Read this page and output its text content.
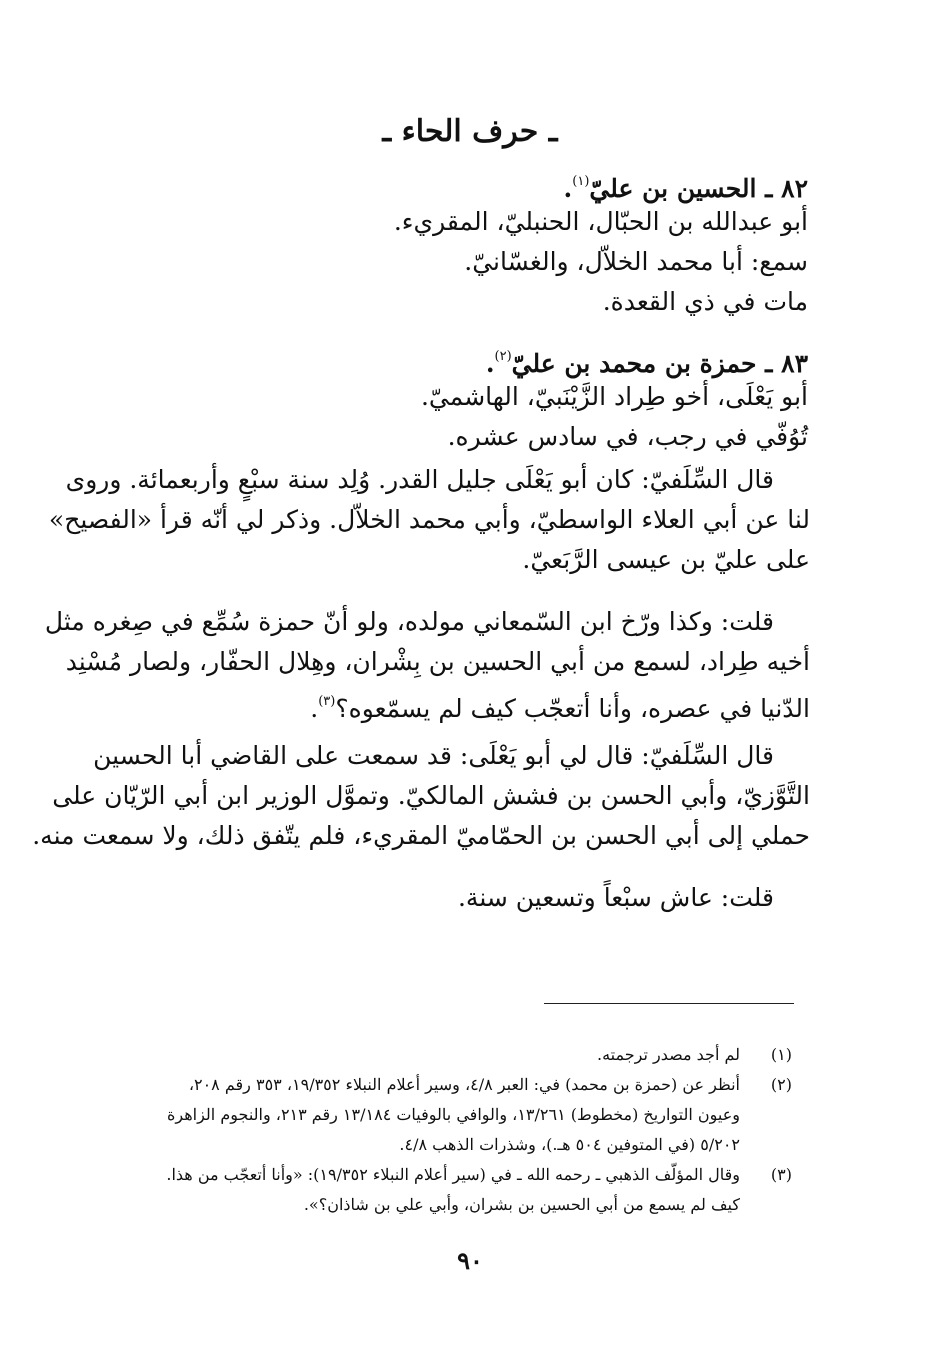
ـ حرف الحاء ـ
٨٢ ـ الحسين بن عليّ$^{(١)}$.
أبو عبدالله بن الحبّال، الحنبليّ، المقريء.
سمع: أبا محمد الخلاّل، والغسّانيّ.
مات في ذي القعدة.
٨٣ ـ حمزة بن محمد بن عليّ$^{(٢)}$.
أبو يَعْلَى، أخو طِراد الزَّيْنَبيّ، الهاشميّ.
تُوُفّي في رجب، في سادس عشره.
قال السِّلَفيّ: كان أبو يَعْلَى جليل القدر. وُلِد سنة سبْعٍ وأربعمائة. وروى
لنا عن أبي العلاء الواسطيّ، وأبي محمد الخلاّل. وذكر لي أنّه قرأ «الفصيح»
على عليّ بن عيسى الرَّبَعيّ.
قلت: وكذا ورّخ ابن السّمعاني مولده، ولو أنّ حمزة سُمِّع في صِغره مثل
أخيه طِراد، لسمع من أبي الحسين بن بِشْران، وهِلال الحفّار، ولصار مُسْنِد
الدّنيا في عصره، وأنا أتعجّب كيف لم يسمّعوه؟$^{(٣)}$.
قال السِّلَفيّ: قال لي أبو يَعْلَى: قد سمعت على القاضي أبا الحسين
التَّوَّزيّ، وأبي الحسن بن فشش المالكيّ. وتموَّل الوزير ابن أبي الرّيّان على
حملي إلى أبي الحسن بن الحمّاميّ المقريء، فلم يتّفق ذلك، ولا سمعت منه.
قلت: عاش سبْعاً وتسعين سنة.
(١)
لم أجد مصدر ترجمته.
(٢)
أنظر عن (حمزة بن محمد) في: العبر ٤/٨، وسير أعلام النبلاء ١٩/٣٥٢، ٣٥٣ رقم ٢٠٨،
وعيون التواريخ (مخطوط) ١٣/٢٦١، والوافي بالوفيات ١٣/١٨٤ رقم ٢١٣، والنجوم الزاهرة
٥/٢٠٢ (في المتوفين ٥٠٤ هـ.)، وشذرات الذهب ٤/٨.
(٣)
وقال المؤلّف الذهبي ـ رحمه الله ـ في (سير أعلام النبلاء ١٩/٣٥٢): «وأنا أتعجّب من هذا.
كيف لم يسمع من أبي الحسين بن بشران، وأبي علي بن شاذان؟».
٩٠
